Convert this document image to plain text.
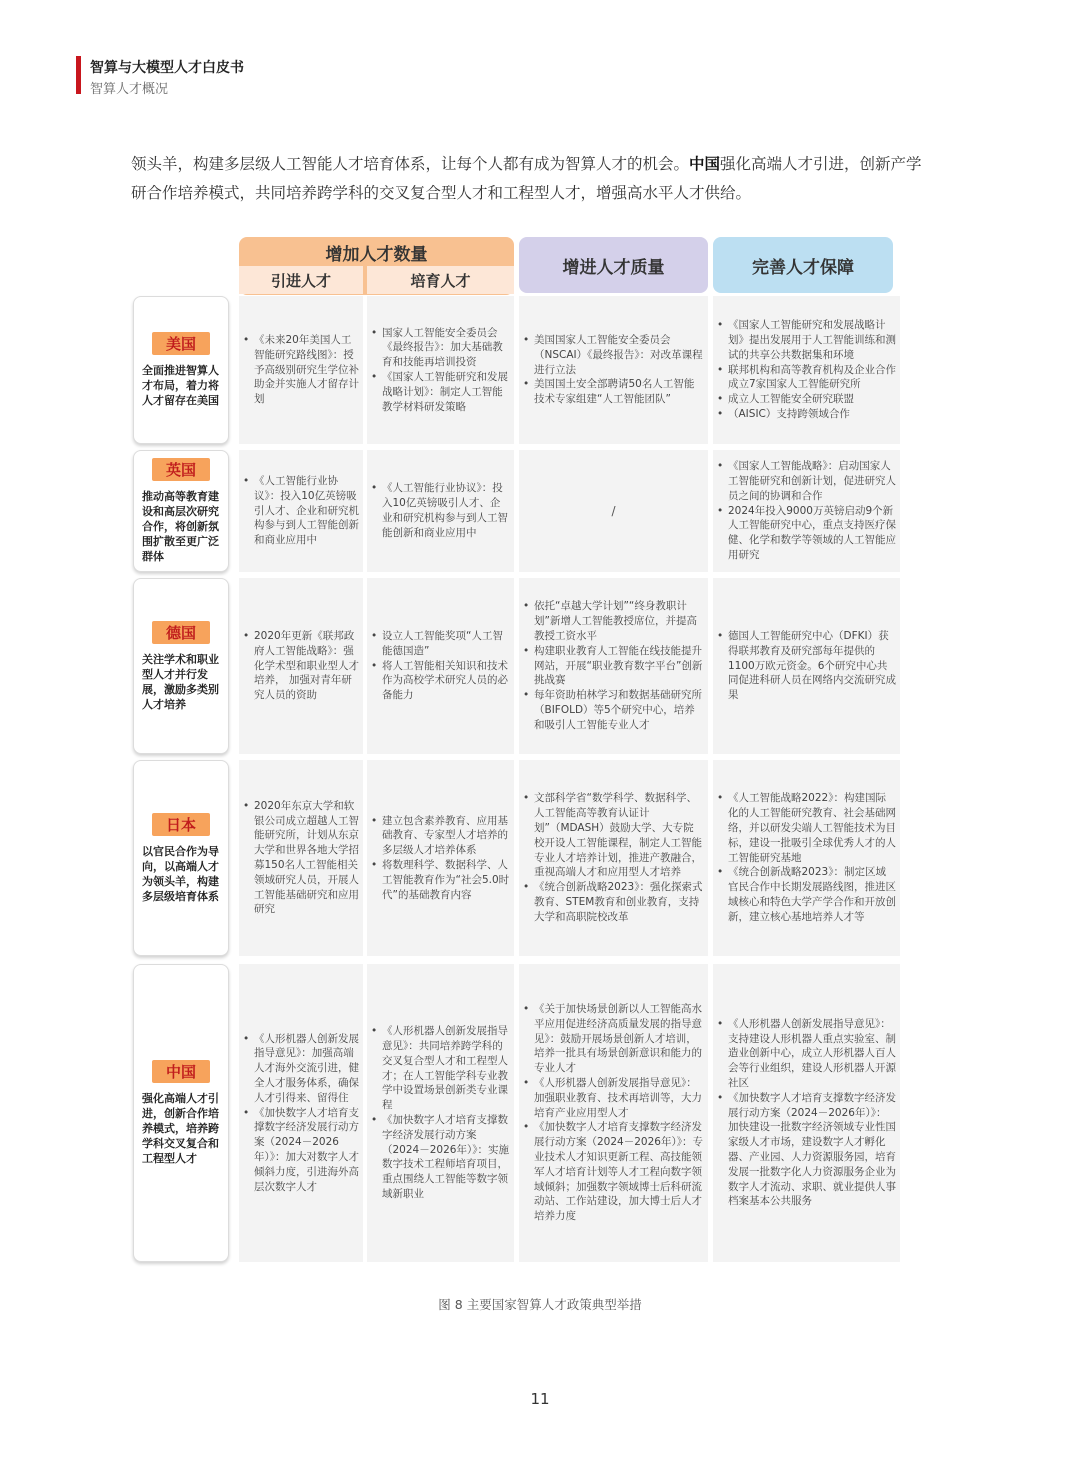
智算与大模型人才白皮书
智算人才概况

领头羊，构建多层级人工智能人才培育体系，让每个人都有成为智算人才的机会。中国强化高端人才引进，创新产学研合作培养模式，共同培养跨学科的交叉复合型人才和工程型人才，增强高水平人才供给。

增加人才数量
引进人才	培育人才
增进人才质量	完善人才保障
美国
全面推进智算人才布局，着力将人才留存在美国
• 《未来20年美国人工智能研究路线图》：授予高级别研究生学位补助金并实施人才留存计划
• 国家人工智能安全委员会《最终报告》：加大基础教育和技能再培训投资
• 《国家人工智能研究和发展战略计划》：制定人工智能教学材料研发策略
• 美国国家人工智能安全委员会（NSCAI）《最终报告》：对改革课程进行立法
• 美国国土安全部聘请50名人工智能技术专家组建“人工智能团队”
• 《国家人工智能研究和发展战略计划》提出发展用于人工智能训练和测试的共享公共数据集和环境
• 联邦机构和高等教育机构及企业合作成立7家国家人工智能研究所
• 成立人工智能安全研究联盟
• （AISIC）支持跨领域合作
英国
推动高等教育建设和高层次研究合作，将创新氛围扩散至更广泛群体
• 《人工智能行业协议》：投入10亿英镑吸引人才、企业和研究机构参与到人工智能创新和商业应用中
• 《人工智能行业协议》：投入10亿英镑吸引人才、企业和研究机构参与到人工智能创新和商业应用中
/
• 《国家人工智能战略》：启动国家人工智能研究和创新计划，促进研究人员之间的协调和合作
• 2024年投入9000万英镑启动9个新人工智能研究中心，重点支持医疗保健、化学和数学等领域的人工智能应用研究
德国
关注学术和职业型人才并行发展，激励多类别人才培养
• 2020年更新《联邦政府人工智能战略》：强化学术型和职业型人才培养， 加强对青年研究人员的资助
• 设立人工智能奖项“人工智能德国造”
• 将人工智能相关知识和技术作为高校学术研究人员的必备能力
• 依托“卓越大学计划”“终身教职计划”新增人工智能教授席位，并提高教授工资水平
• 构建职业教育人工智能在线技能提升网站，开展“职业教育数字平台”创新挑战赛
• 每年资助柏林学习和数据基础研究所（BIFOLD）等5个研究中心，培养和吸引人工智能专业人才
• 德国人工智能研究中心（DFKI）获得联邦教育及研究部每年提供的1100万欧元资金。6个研究中心共同促进科研人员在网络内交流研究成果
日本
以官民合作为导向，以高端人才为领头羊，构建多层级培育体系
• 2020年东京大学和软银公司成立超越人工智能研究所，计划从东京大学和世界各地大学招募150名人工智能相关领域研究人员，开展人工智能基础研究和应用研究
• 建立包含素养教育、应用基础教育、专家型人才培养的多层级人才培养体系
• 将数理科学、数据科学、人工智能教育作为“社会5.0时代”的基础教育内容
• 文部科学省“数学科学、数据科学、人工智能高等教育认证计划”（MDASH）鼓励大学、大专院校开设人工智能课程，制定人工智能专业人才培养计划，推进产教融合，重视高端人才和应用型人才培养
• 《统合创新战略2023》：强化探索式教育、STEM教育和创业教育，支持大学和高职院校改革
• 《人工智能战略2022》：构建国际化的人工智能研究教育、社会基础网络，并以研发尖端人工智能技术为目标，建设一批吸引全球优秀人才的人工智能研究基地
• 《统合创新战略2023》：制定区域官民合作中长期发展路线图，推进区域核心和特色大学产学合作和开放创新，建立核心基地培养人才等
中国
强化高端人才引进，创新合作培养模式，培养跨学科交叉复合和工程型人才
• 《人形机器人创新发展指导意见》：加强高端人才海外交流引进，健全人才服务体系，确保人才引得来、留得住
• 《加快数字人才培育支撑数字经济发展行动方案（2024－2026年）》：加大对数字人才倾斜力度，引进海外高层次数字人才
• 《人形机器人创新发展指导意见》：共同培养跨学科的交叉复合型人才和工程型人才；在人工智能学科专业教学中设置场景创新类专业课程
• 《加快数字人才培育支撑数字经济发展行动方案（2024－2026年）》：实施数字技术工程师培育项目，重点围绕人工智能等数字领域新职业
• 《关于加快场景创新以人工智能高水平应用促进经济高质量发展的指导意见》：鼓励开展场景创新人才培训，培养一批具有场景创新意识和能力的专业人才
• 《人形机器人创新发展指导意见》：加强职业教育、技术再培训等，大力培育产业应用型人才
• 《加快数字人才培育支撑数字经济发展行动方案（2024－2026年）》：专业技术人才知识更新工程、高技能领军人才培育计划等人才工程向数字领域倾斜；加强数字领域博士后科研流动站、工作站建设，加大博士后人才培养力度
• 《人形机器人创新发展指导意见》：支持建设人形机器人重点实验室、制造业创新中心，成立人形机器人百人会等行业组织，建设人形机器人开源社区
• 《加快数字人才培育支撑数字经济发展行动方案（2024－2026年）》：加快建设一批数字经济领域专业性国家级人才市场，建设数字人才孵化器、产业园、人力资源服务园，培育发展一批数字化人力资源服务企业为数字人才流动、求职、就业提供人事档案基本公共服务
图 8 主要国家智算人才政策典型举措
11
